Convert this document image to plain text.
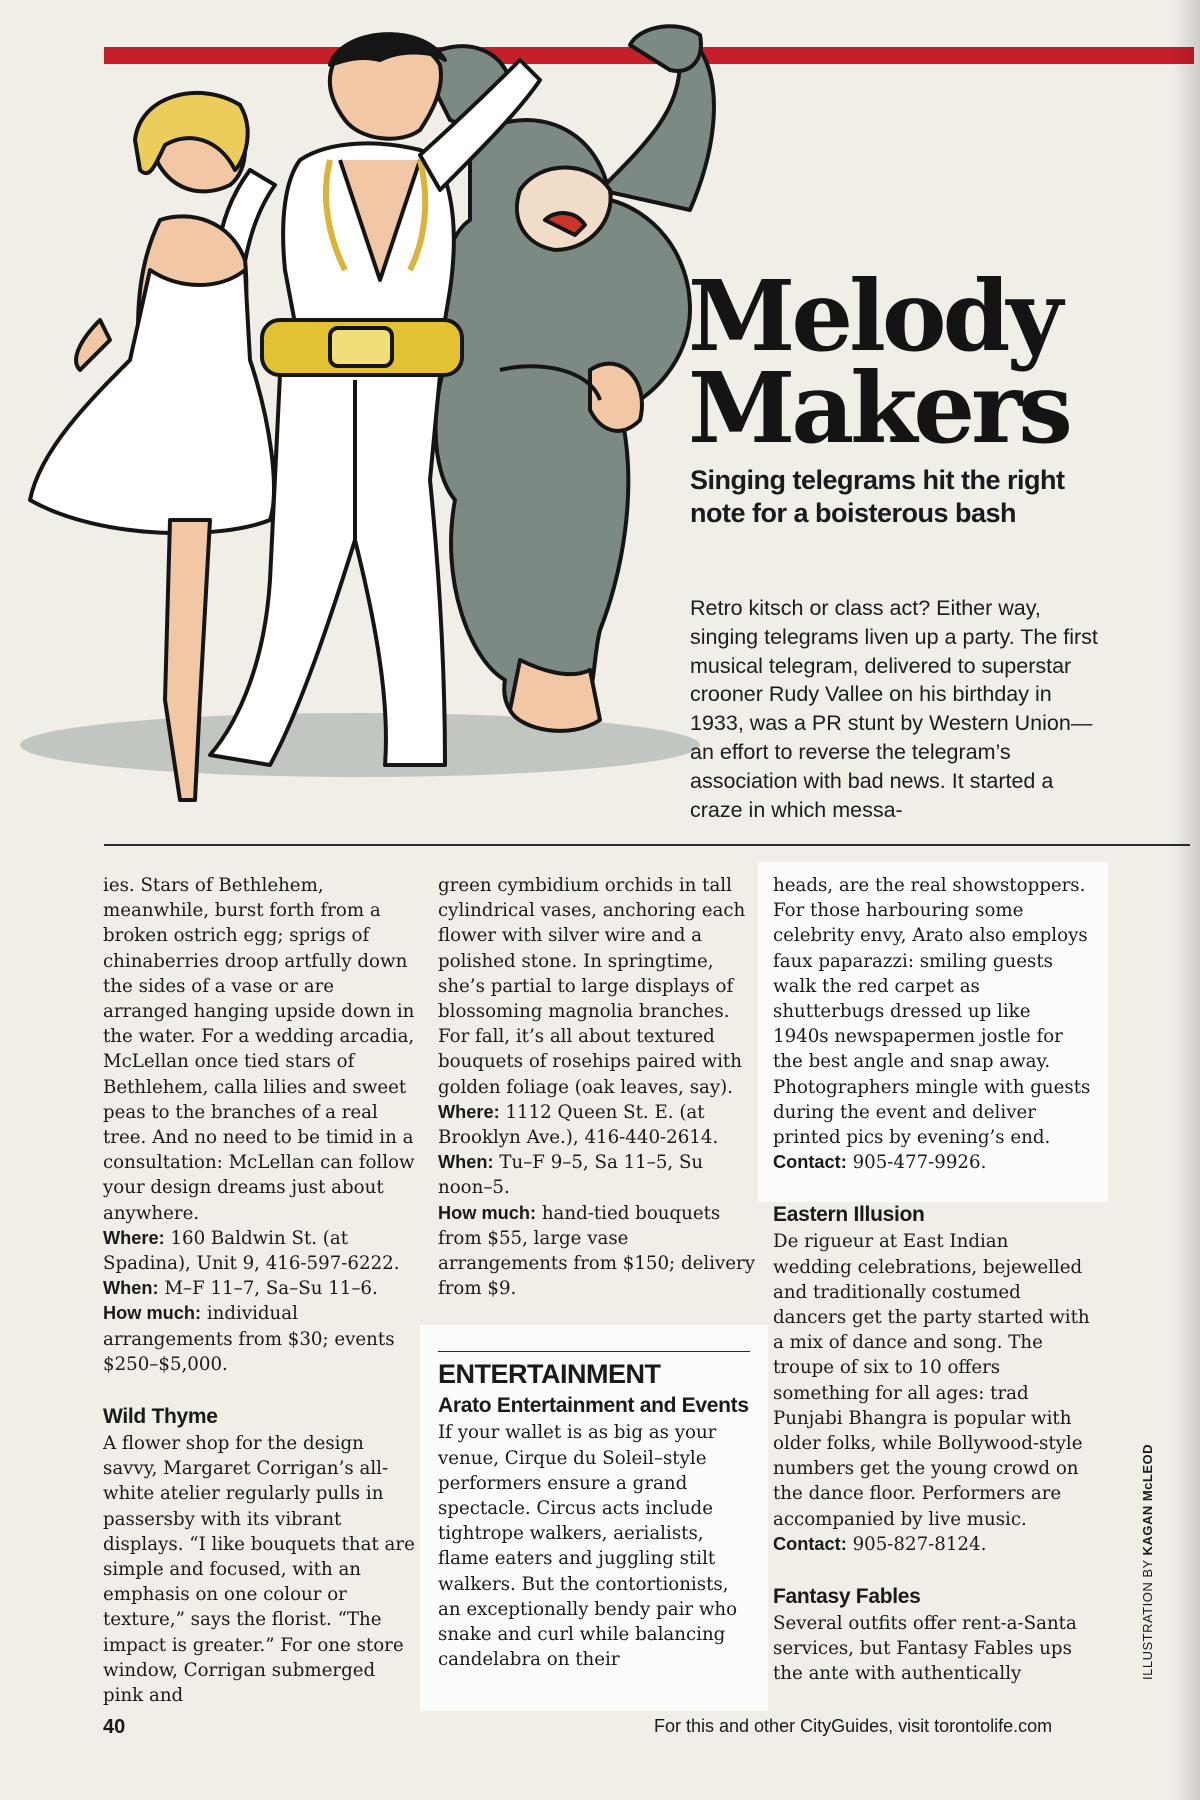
Melody
Makers
Singing telegrams hit the right note for a boisterous bash
Retro kitsch or class act? Either way, singing telegrams liven up a party. The first musical telegram, delivered to superstar crooner Rudy Vallee on his birthday in 1933, was a PR stunt by Western Union—an effort to reverse the telegram’s association with bad news. It started a craze in which messa-

ies. Stars of Bethlehem, meanwhile, burst forth from a broken ostrich egg; sprigs of chinaberries droop artfully down the sides of a vase or are arranged hanging upside down in the water. For a wedding arcadia, McLellan once tied stars of Bethlehem, calla lilies and sweet peas to the branches of a real tree. And no need to be timid in a consultation: McLellan can follow your design dreams just about anywhere.

Where: 160 Baldwin St. (at Spadina), Unit 9, 416-597-6222.

When: M–F 11–7, Sa–Su 11–6.

How much: individual arrangements from $30; events $250–$5,000.

Wild Thyme

A flower shop for the design savvy, Margaret Corrigan’s all-white atelier regularly pulls in passersby with its vibrant displays. “I like bouquets that are simple and focused, with an emphasis on one colour or texture,” says the florist. “The impact is greater.” For one store window, Corrigan submerged pink and

green cymbidium orchids in tall cylindrical vases, anchoring each flower with silver wire and a polished stone. In springtime, she’s partial to large displays of blossoming magnolia branches. For fall, it’s all about textured bouquets of rosehips paired with golden foliage (oak leaves, say).

Where: 1112 Queen St. E. (at Brooklyn Ave.), 416-440-2614.

When: Tu–F 9–5, Sa 11–5, Su noon–5.

How much: hand-tied bouquets from $55, large vase arrangements from $150; delivery from $9.

ENTERTAINMENT
Arato Entertainment and Events

If your wallet is as big as your venue, Cirque du Soleil–style performers ensure a grand spectacle. Circus acts include tightrope walkers, aerialists, flame eaters and juggling stilt walkers. But the contortionists, an exceptionally bendy pair who snake and curl while balancing candelabra on their

heads, are the real showstoppers. For those harbouring some celebrity envy, Arato also employs faux paparazzi: smiling guests walk the red carpet as shutterbugs dressed up like 1940s newspapermen jostle for the best angle and snap away. Photographers mingle with guests during the event and deliver printed pics by evening’s end.

Contact: 905-477-9926.

Eastern Illusion

De rigueur at East Indian wedding celebrations, bejewelled and traditionally costumed dancers get the party started with a mix of dance and song. The troupe of six to 10 offers something for all ages: trad Punjabi Bhangra is popular with older folks, while Bollywood-style numbers get the young crowd on the dance floor. Performers are accompanied by live music.

Contact: 905-827-8124.

Fantasy Fables

Several outfits offer rent-a-Santa services, but Fantasy Fables ups the ante with authentically	ILLUSTRATION BY KAGAN McLEOD
40	For this and other CityGuides, visit torontolife.com
